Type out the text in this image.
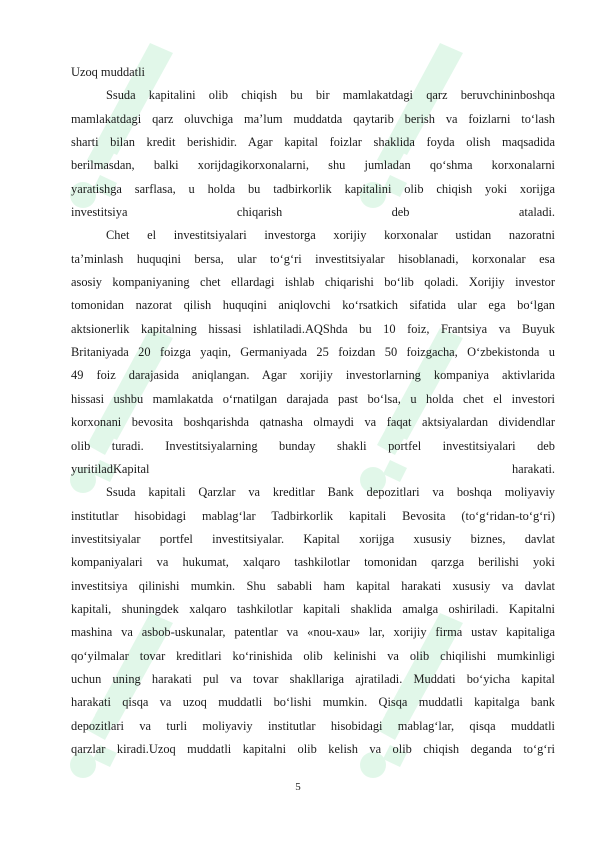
Uzoq muddatli
Ssuda kapitalini olib chiqish bu bir mamlakatdagi qarz beruvchininboshqa
mamlakatdagi qarz oluvchiga ma’lum muddatda qaytarib berish va foizlarni to‘lash
sharti bilan kredit berishidir. Agar kapital foizlar shaklida foyda olish maqsadida
berilmasdan, balki xorijdagikorxonalarni, shu jumladan qo‘shma korxonalarni
yaratishga sarflasa, u holda bu tadbirkorlik kapitalini olib chiqish yoki xorijga
investitsiya chiqarish deb ataladi.
Chet el investitsiyalari investorga xorijiy korxonalar ustidan nazoratni
ta’minlash huquqini bersa, ular to‘g‘ri investitsiyalar hisoblanadi, korxonalar esa
asosiy kompaniyaning chet ellardagi ishlab chiqarishi bo‘lib qoladi. Xorijiy investor
tomonidan nazorat qilish huquqini aniqlovchi ko‘rsatkich sifatida ular ega bo‘lgan
aktsionerlik kapitalning hissasi ishlatiladi.AQShda bu 10 foiz, Frantsiya va Buyuk
Britaniyada 20 foizga yaqin, Germaniyada 25 foizdan 50 foizgacha, O‘zbekistonda u
49 foiz darajasida aniqlangan. Agar xorijiy investorlarning kompaniya aktivlarida
hissasi ushbu mamlakatda o‘rnatilgan darajada past bo‘lsa, u holda chet el investori
korxonani bevosita boshqarishda qatnasha olmaydi va faqat aktsiyalardan dividendlar
olib turadi. Investitsiyalarning bunday shakli portfel investitsiyalari deb
yuritiladKapital harakati.
Ssuda kapitali Qarzlar va kreditlar Bank depozitlari va boshqa moliyaviy
institutlar hisobidagi mablag‘lar Tadbirkorlik kapitali Bevosita (to‘g‘ridan-to‘g‘ri)
investitsiyalar portfel investitsiyalar. Kapital xorijga xususiy biznes, davlat
kompaniyalari va hukumat, xalqaro tashkilotlar tomonidan qarzga berilishi yoki
investitsiya qilinishi mumkin. Shu sababli ham kapital harakati xususiy va davlat
kapitali, shuningdek xalqaro tashkilotlar kapitali shaklida amalga oshiriladi. Kapitalni
mashina va asbob-uskunalar, patentlar va «nou-xau» lar, xorijiy firma ustav kapitaliga
qo‘yilmalar tovar kreditlari ko‘rinishida olib kelinishi va olib chiqilishi mumkinligi
uchun uning harakati pul va tovar shakllariga ajratiladi. Muddati bo‘yicha kapital
harakati qisqa va uzoq muddatli bo‘lishi mumkin. Qisqa muddatli kapitalga bank
depozitlari va turli moliyaviy institutlar hisobidagi mablag‘lar, qisqa muddatli
qarzlar kiradi.Uzoq muddatli kapitalni olib kelish va olib chiqish deganda to‘g‘ri
5
